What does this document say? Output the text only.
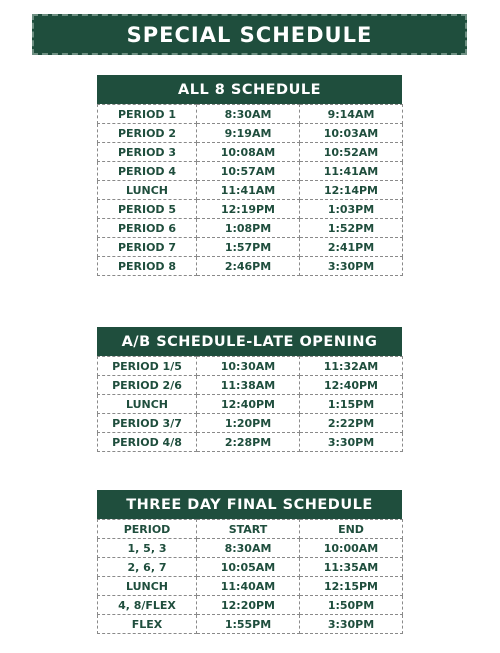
SPECIAL SCHEDULE
ALL 8 SCHEDULE
PERIOD 1	8:30AM	9:14AM
PERIOD 2	9:19AM	10:03AM
PERIOD 3	10:08AM	10:52AM
PERIOD 4	10:57AM	11:41AM
LUNCH	11:41AM	12:14PM
PERIOD 5	12:19PM	1:03PM
PERIOD 6	1:08PM	1:52PM
PERIOD 7	1:57PM	2:41PM
PERIOD 8	2:46PM	3:30PM
A/B SCHEDULE-LATE OPENING
PERIOD 1/5	10:30AM	11:32AM
PERIOD 2/6	11:38AM	12:40PM
LUNCH	12:40PM	1:15PM
PERIOD 3/7	1:20PM	2:22PM
PERIOD 4/8	2:28PM	3:30PM
THREE DAY FINAL SCHEDULE
PERIOD	START	END
1, 5, 3	8:30AM	10:00AM
2, 6, 7	10:05AM	11:35AM
LUNCH	11:40AM	12:15PM
4, 8/FLEX	12:20PM	1:50PM
FLEX	1:55PM	3:30PM
